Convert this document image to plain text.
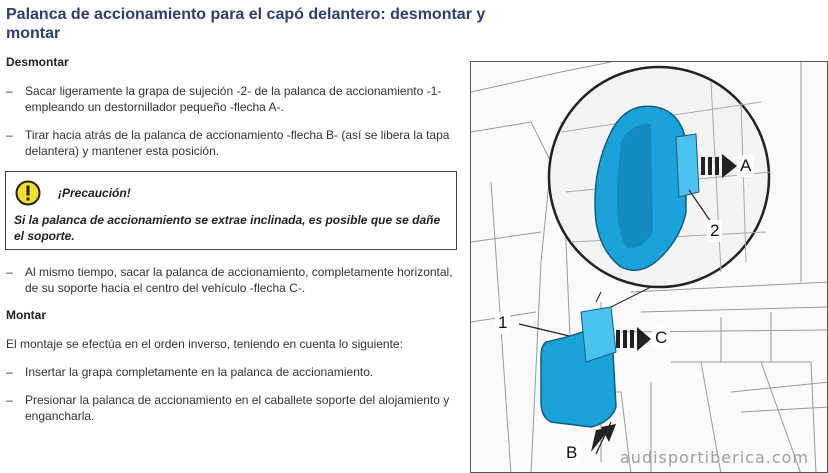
Palanca de accionamiento para el capó delantero: desmontar y montar
Desmontar
– Sacar ligeramente la grapa de sujeción -2- de la palanca de accionamiento -1-empleando un destornillador pequeño -flecha A-.
– Tirar hacia atrás de la palanca de accionamiento -flecha B- (así se libera la tapa delantera) y mantener esta posición.
¡Precaución!
Si la palanca de accionamiento se extrae inclinada, es posible que se dañe el soporte.
– Al mismo tiempo, sacar la palanca de accionamiento, completamente horizontal, de su soporte hacia el centro del vehículo -flecha C-.
Montar
El montaje se efectúa en el orden inverso, teniendo en cuenta lo siguiente:
– Insertar la grapa completamente en la palanca de accionamiento.
– Presionar la palanca de accionamiento en el caballete soporte del alojamiento y engancharla.
A
2
1
C
B	audisportiberica.com
